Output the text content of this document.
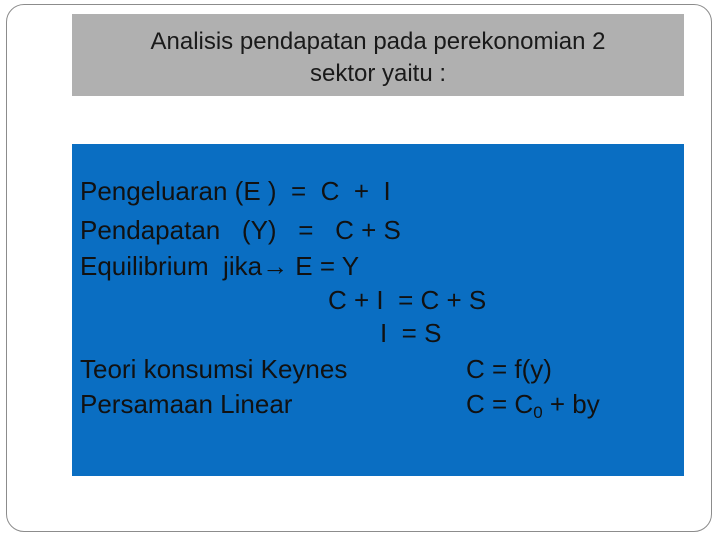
Analisis pendapatan pada perekonomian 2
sektor yaitu :
Pengeluaran (E )  =  C  +  I
Pendapatan   (Y)   =   C + S
Equilibrium  jika→ E = Y
C + I  = C + S
I  = S
Teori konsumsi Keynes	C = f(y)
Persamaan Linear	$C = C_0$ + by
